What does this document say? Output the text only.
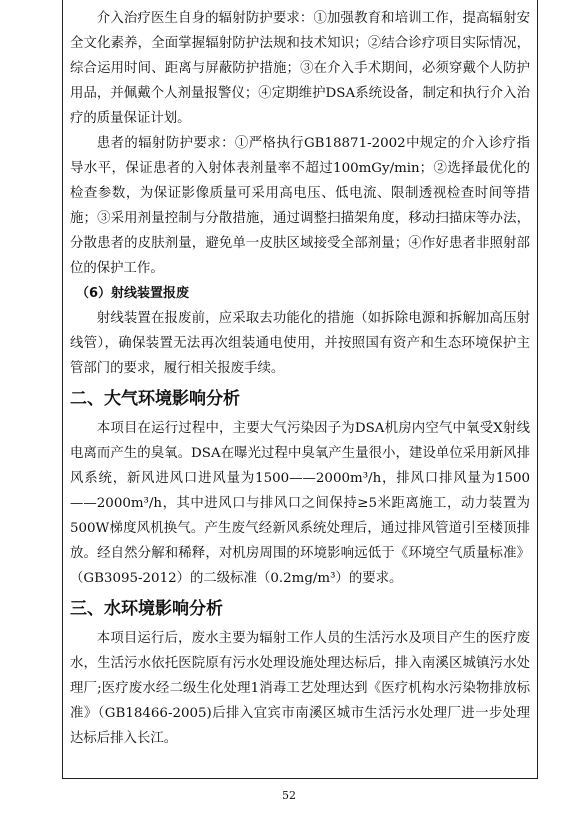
介入治疗医生自身的辐射防护要求：①加强教育和培训工作，提高辐射安全文化素养，全面掌握辐射防护法规和技术知识；②结合诊疗项目实际情况，综合运用时间、距离与屏蔽防护措施；③在介入手术期间，必须穿戴个人防护用品，并佩戴个人剂量报警仪；④定期维护DSA系统设备，制定和执行介入治疗的质量保证计划。

患者的辐射防护要求：①严格执行GB18871-2002中规定的介入诊疗指导水平，保证患者的入射体表剂量率不超过100mGy/min；②选择最优化的检查参数，为保证影像质量可采用高电压、低电流、限制透视检查时间等措施；③采用剂量控制与分散措施，通过调整扫描架角度，移动扫描床等办法，分散患者的皮肤剂量，避免单一皮肤区域接受全部剂量；④作好患者非照射部位的保护工作。

（6）射线装置报废

射线装置在报废前，应采取去功能化的措施（如拆除电源和拆解加高压射线管），确保装置无法再次组装通电使用，并按照国有资产和生态环境保护主管部门的要求，履行相关报废手续。

二、大气环境影响分析

本项目在运行过程中，主要大气污染因子为DSA机房内空气中氧受X射线电离而产生的臭氧。DSA在曝光过程中臭氧产生量很小，建设单位采用新风排风系统，新风进风口进风量为1500——2000m³/h，排风口排风量为1500——2000m³/h，其中进风口与排风口之间保持≥5米距离施工，动力装置为500W梯度风机换气。产生废气经新风系统处理后，通过排风管道引至楼顶排放。经自然分解和稀释，对机房周围的环境影响远低于《环境空气质量标准》（GB3095-2012）的二级标准（0.2mg/m³）的要求。

三、水环境影响分析

本项目运行后，废水主要为辐射工作人员的生活污水及项目产生的医疗废水，生活污水依托医院原有污水处理设施处理达标后，排入南溪区城镇污水处理厂;医疗废水经二级生化处理1消毒工艺处理达到《医疗机构水污染物排放标准》（GB18466-2005)后排入宜宾市南溪区城市生活污水处理厂进一步处理达标后排入长江。

52
